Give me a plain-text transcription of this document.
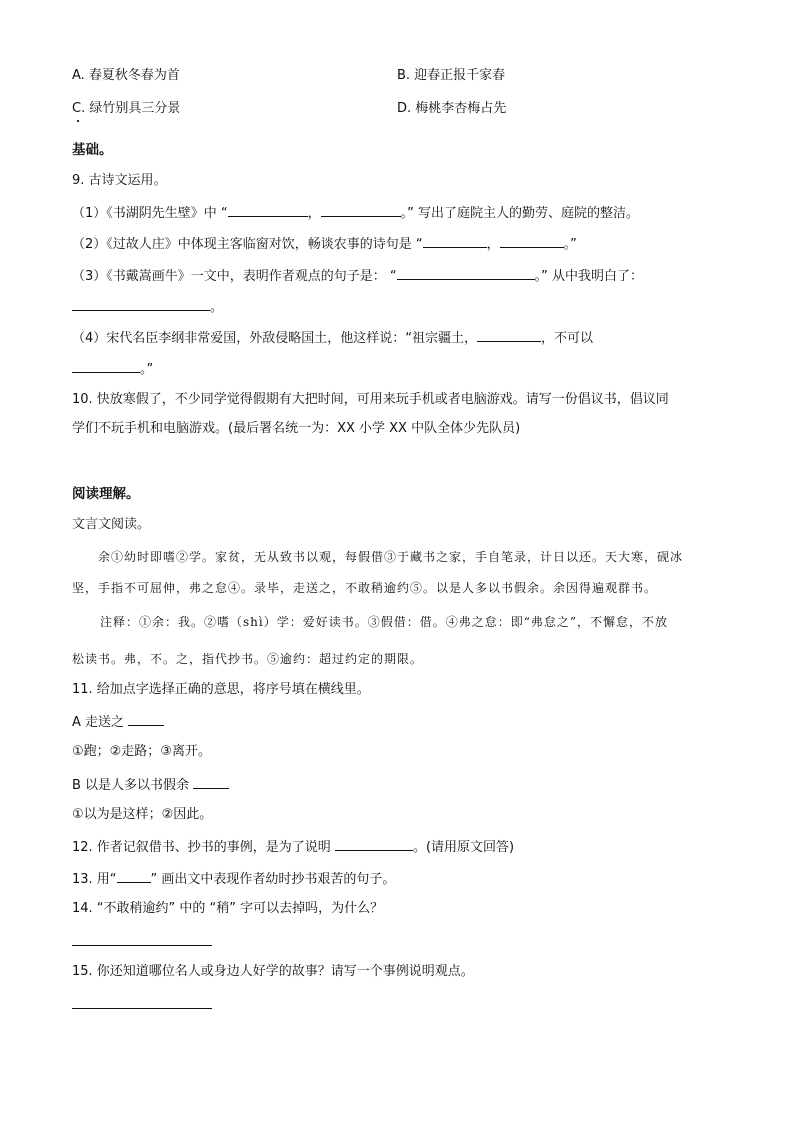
A. 春夏秋冬春为首	B. 迎春正报千家春
C. 绿竹别具三分景	D. 梅桃李杏梅占先
基础。
9. 古诗文运用。
（1）《书湖阴先生壁》中 “	，	。” 写出了庭院主人的勤劳、庭院的整洁。
（2）《过故人庄》中体现主客临窗对饮，畅谈农事的诗句是 “	，	。”
（3）《书戴嵩画牛》一文中，表明作者观点的句子是： “	。” 从中我明白了：
。
（4）宋代名臣李纲非常爱国，外敌侵略国土，他这样说：“祖宗疆土，	，不可以
。”
10. 快放寒假了，不少同学觉得假期有大把时间，可用来玩手机或者电脑游戏。请写一份倡议书，倡议同
学们不玩手机和电脑游戏。(最后署名统一为：XX 小学 XX 中队全体少先队员)
阅读理解。
文言文阅读。
余①幼时即嗜②学。家贫，无从致书以观，每假借③于藏书之家，手自笔录，计日以还。天大寒，砚冰
坚，手指不可屈伸，弗之怠④。录毕，走送之，不敢稍逾约⑤。以是人多以书假余。余因得遍观群书。
注释：①余：我。②嗜（shì）学：爱好读书。③假借：借。④弗之怠：即“弗怠之”，不懈怠，不放
松读书。弗，不。之，指代抄书。⑤逾约：超过约定的期限。
11. 给加点字选择正确的意思，将序号填在横线里。
A 走送之
①跑；②走路；③离开。
B 以是人多以书假余
①以为是这样；②因此。
12. 作者记叙借书、抄书的事例，是为了说明	。(请用原文回答)
13. 用“	” 画出文中表现作者幼时抄书艰苦的句子。
14. “不敢稍逾约” 中的 “稍” 字可以去掉吗，为什么？
15. 你还知道哪位名人或身边人好学的故事？请写一个事例说明观点。
